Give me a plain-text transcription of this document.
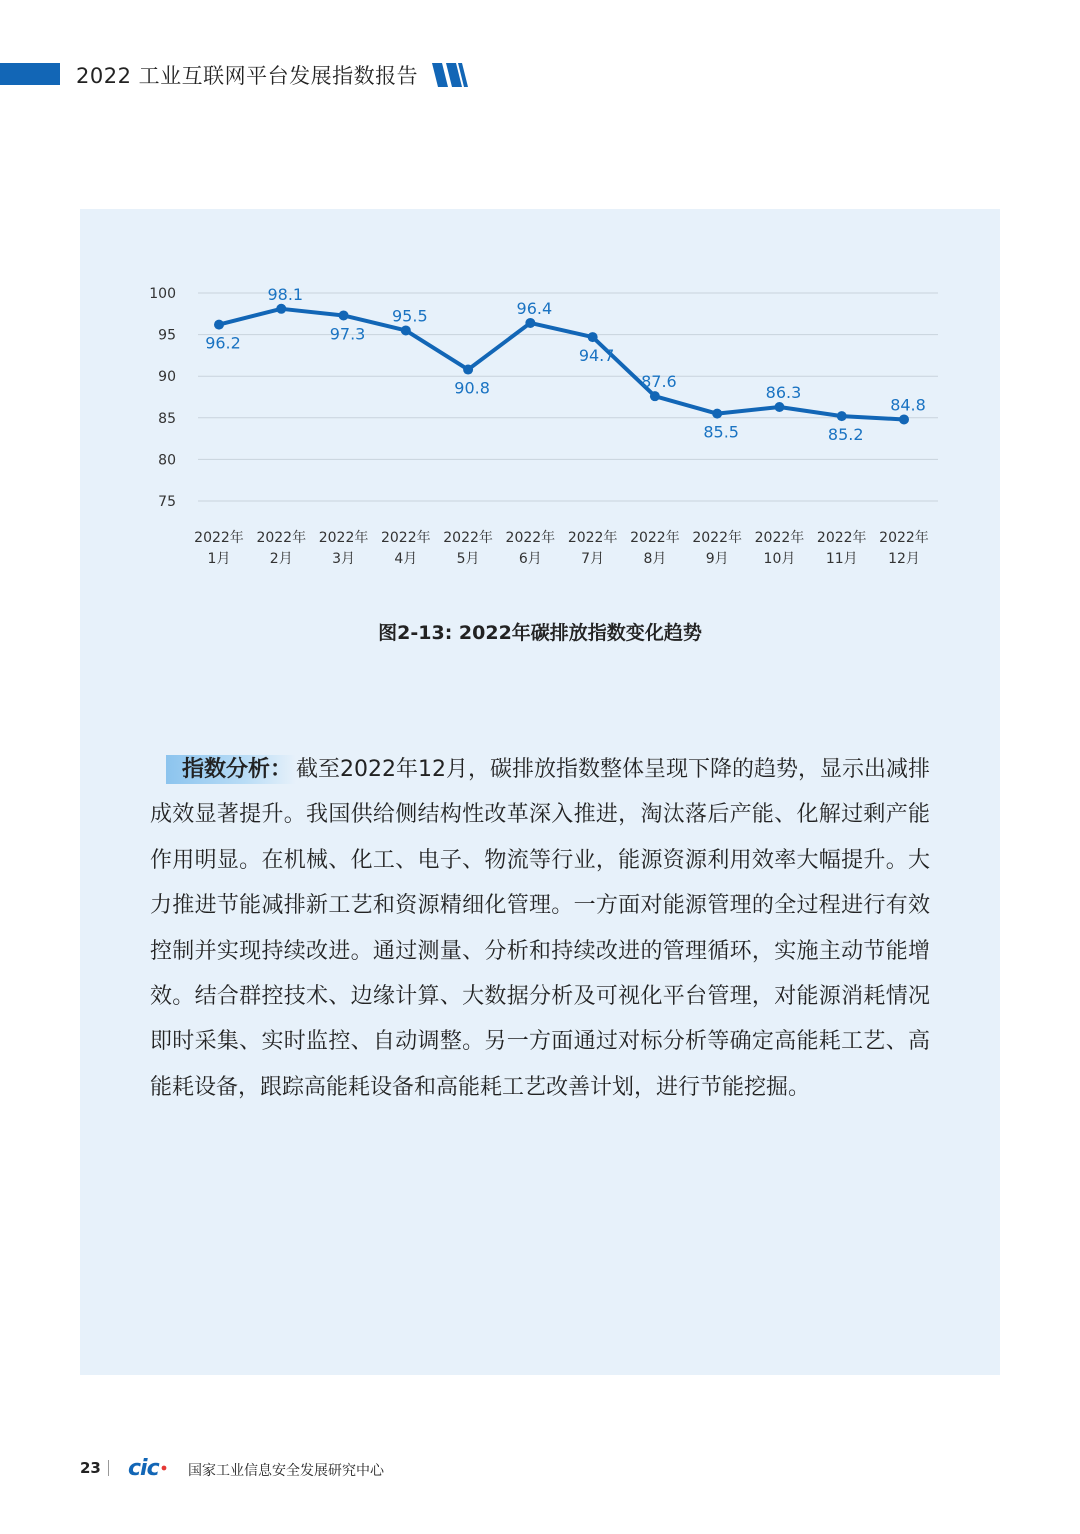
2022 工业互联网平台发展指数报告
100
95
90
85
80
75
2022年
1月
2022年
2月
2022年
3月
2022年
4月
2022年
5月
2022年
6月
2022年
7月
2022年
8月
2022年
9月
2022年
10月
2022年
11月
2022年
12月
96.2
98.1
97.3
95.5
90.8
96.4
94.7
87.6
85.5
86.3
85.2
84.8
图2-13: 2022年碳排放指数变化趋势

指数分析： 截至2022年12月，碳排放指数整体呈现下降的趋势，显示出减排成效显著提升。我国供给侧结构性改革深入推进，淘汰落后产能、化解过剩产能作用明显。在机械、化工、电子、物流等行业，能源资源利用效率大幅提升。大力推进节能减排新工艺和资源精细化管理。一方面对能源管理的全过程进行有效控制并实现持续改进。通过测量、分析和持续改进的管理循环，实施主动节能增效。结合群控技术、边缘计算、大数据分析及可视化平台管理，对能源消耗情况即时采集、实时监控、自动调整。另一方面通过对标分析等确定高能耗工艺、高能耗设备，跟踪高能耗设备和高能耗工艺改善计划，进行节能挖掘。

23 cic 国家工业信息安全发展研究中心
